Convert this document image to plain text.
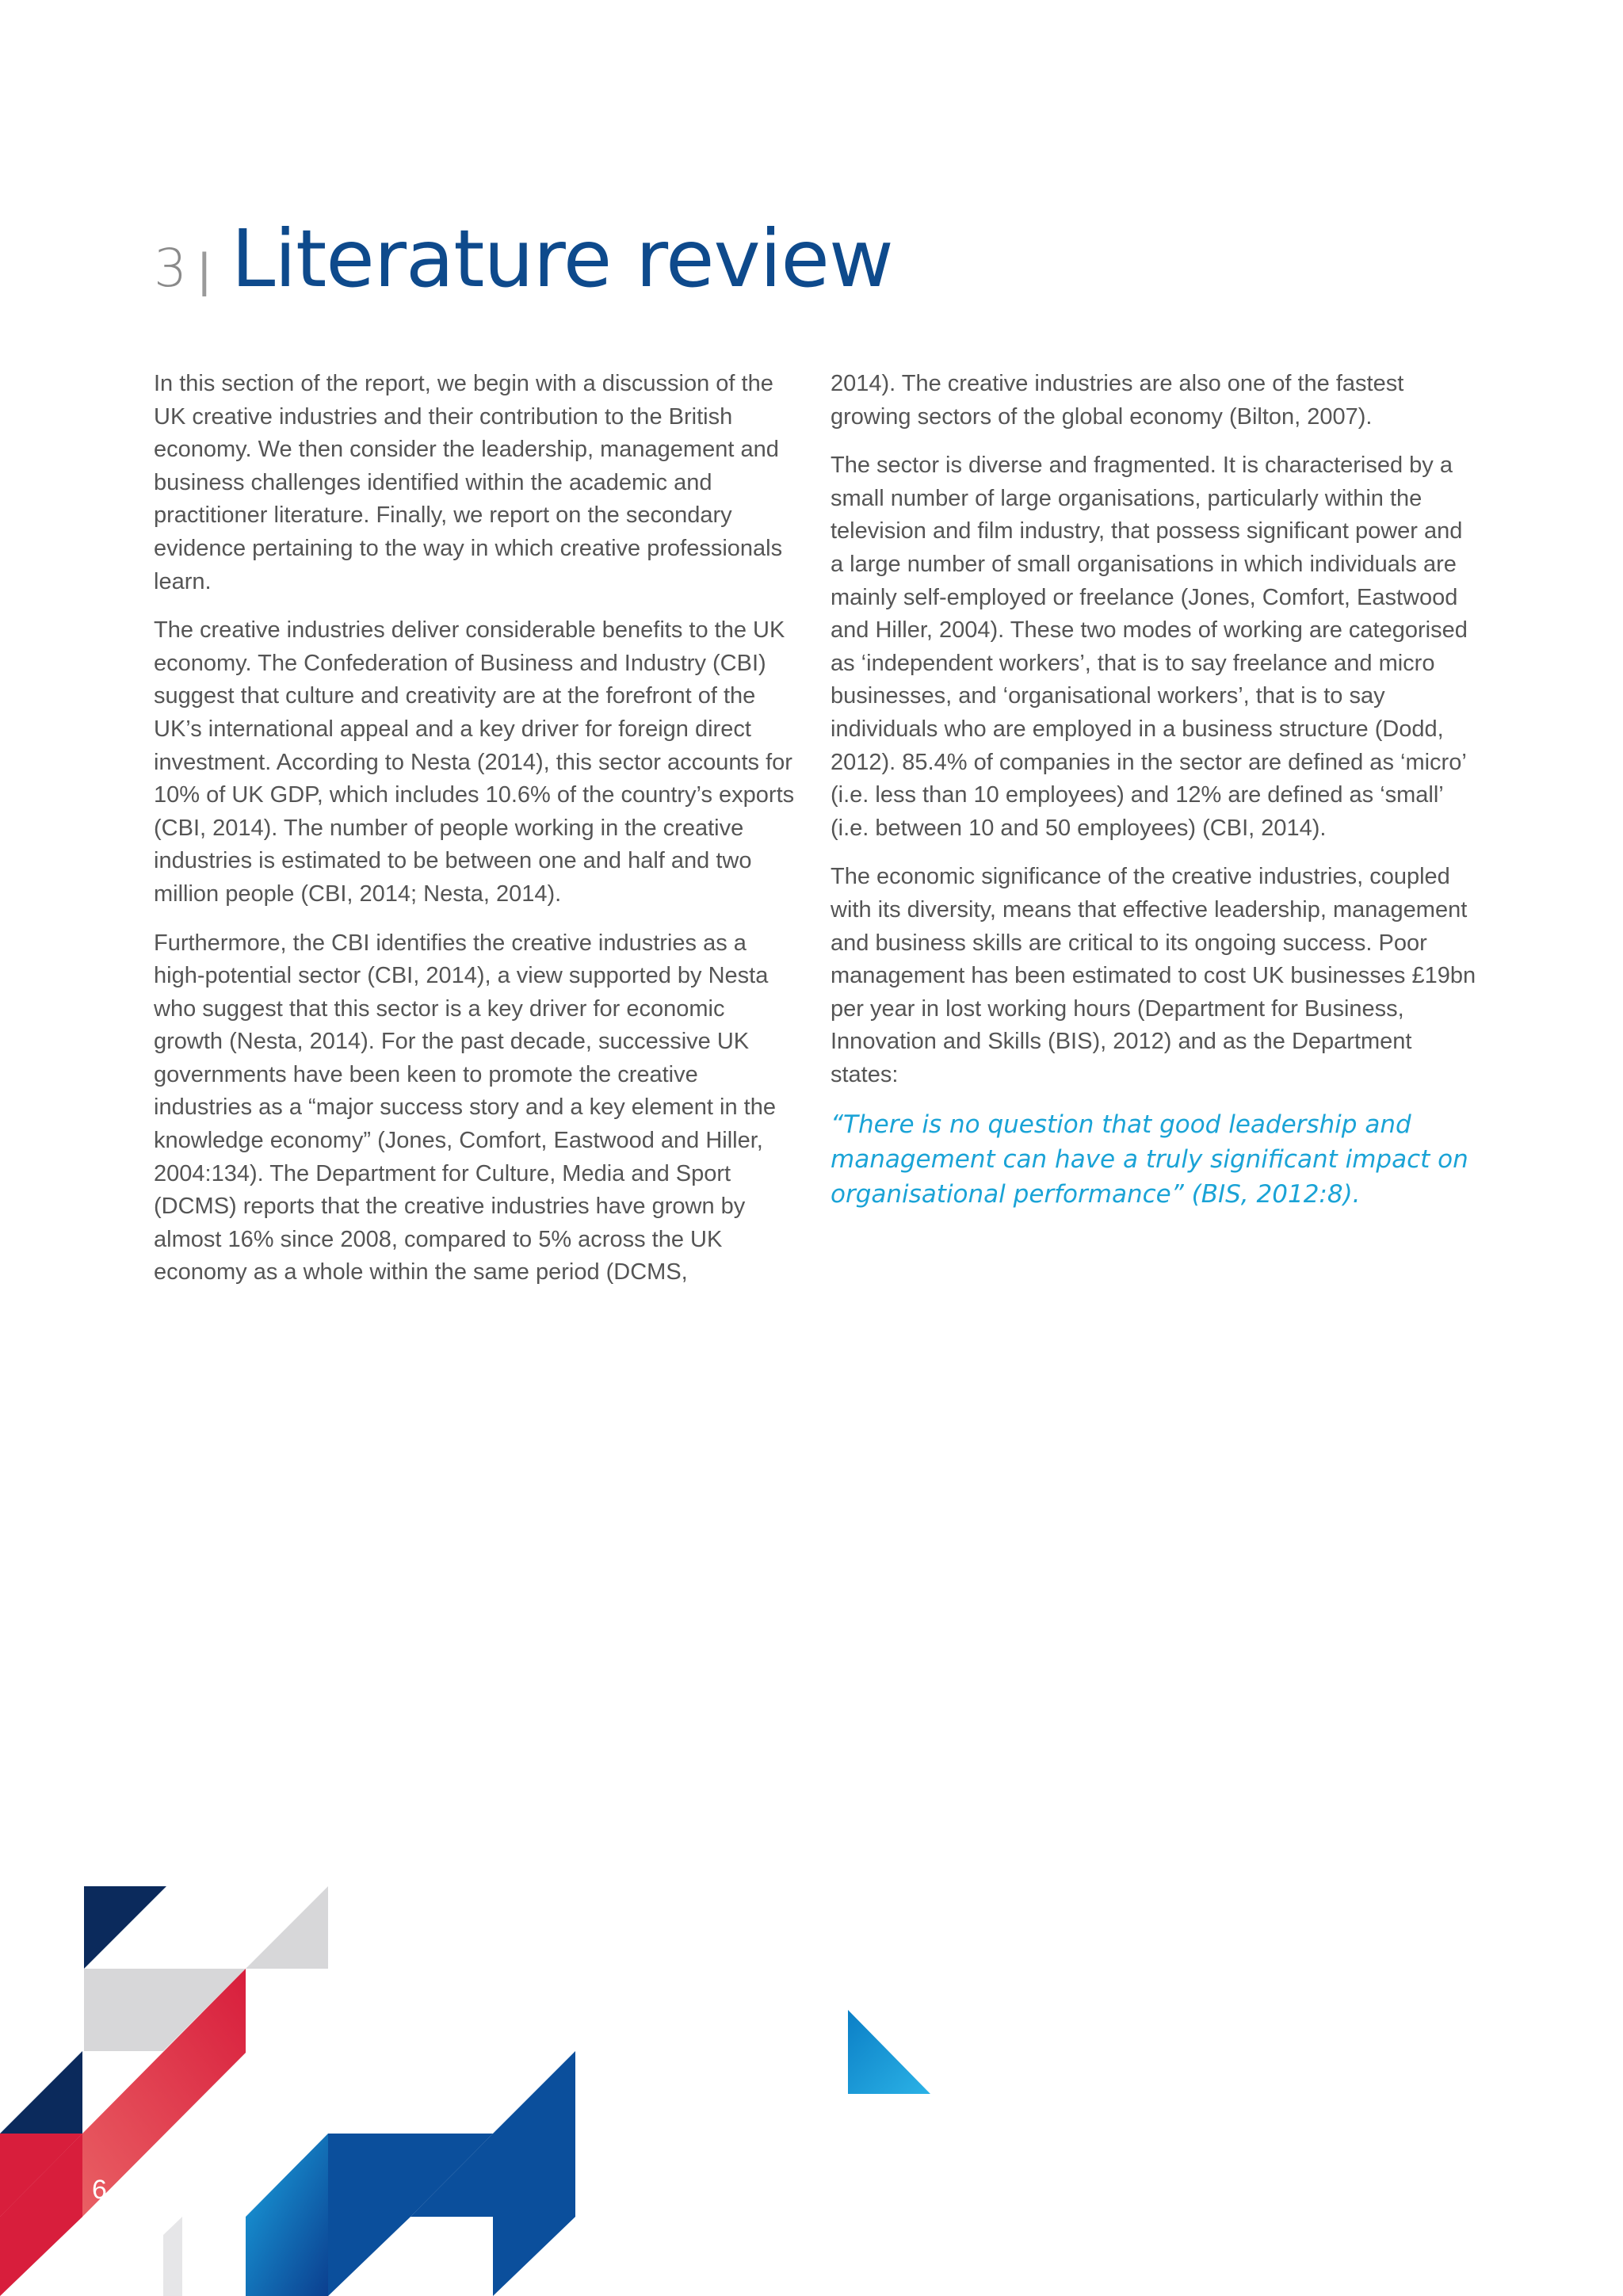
3 | Literature review

In this section of the report, we begin with a discussion of the UK creative industries and their contribution to the British economy. We then consider the leadership, management and business challenges identified within the academic and practitioner literature. Finally, we report on the secondary evidence pertaining to the way in which creative professionals learn.

The creative industries deliver considerable benefits to the UK economy. The Confederation of Business and Industry (CBI) suggest that culture and creativity are at the forefront of the UK’s international appeal and a key driver for foreign direct investment. According to Nesta (2014), this sector accounts for 10% of UK GDP, which includes 10.6% of the country’s exports (CBI, 2014). The number of people working in the creative industries is estimated to be between one and half and two million people (CBI, 2014; Nesta, 2014).

Furthermore, the CBI identifies the creative industries as a high-potential sector (CBI, 2014), a view supported by Nesta who suggest that this sector is a key driver for economic growth (Nesta, 2014). For the past decade, successive UK governments have been keen to promote the creative industries as a “major success story and a key element in the knowledge economy” (Jones, Comfort, Eastwood and Hiller, 2004:134). The Department for Culture, Media and Sport (DCMS) reports that the creative industries have grown by almost 16% since 2008, compared to 5% across the UK economy as a whole within the same period (DCMS,

2014). The creative industries are also one of the fastest growing sectors of the global economy (Bilton, 2007).

The sector is diverse and fragmented. It is characterised by a small number of large organisations, particularly within the television and film industry, that possess significant power and a large number of small organisations in which individuals are mainly self-employed or freelance (Jones, Comfort, Eastwood and Hiller, 2004). These two modes of working are categorised as ‘independent workers’, that is to say freelance and micro businesses, and ‘organisational workers’, that is to say individuals who are employed in a business structure (Dodd, 2012). 85.4% of companies in the sector are defined as ‘micro’ (i.e. less than 10 employees) and 12% are defined as ‘small’ (i.e. between 10 and 50 employees) (CBI, 2014).

The economic significance of the creative industries, coupled with its diversity, means that effective leadership, management and business skills are critical to its ongoing success. Poor management has been estimated to cost UK businesses £19bn per year in lost working hours (Department for Business, Innovation and Skills (BIS), 2012) and as the Department states:

“There is no question that good leadership and management can have a truly significant impact on organisational performance” (BIS, 2012:8).

6
